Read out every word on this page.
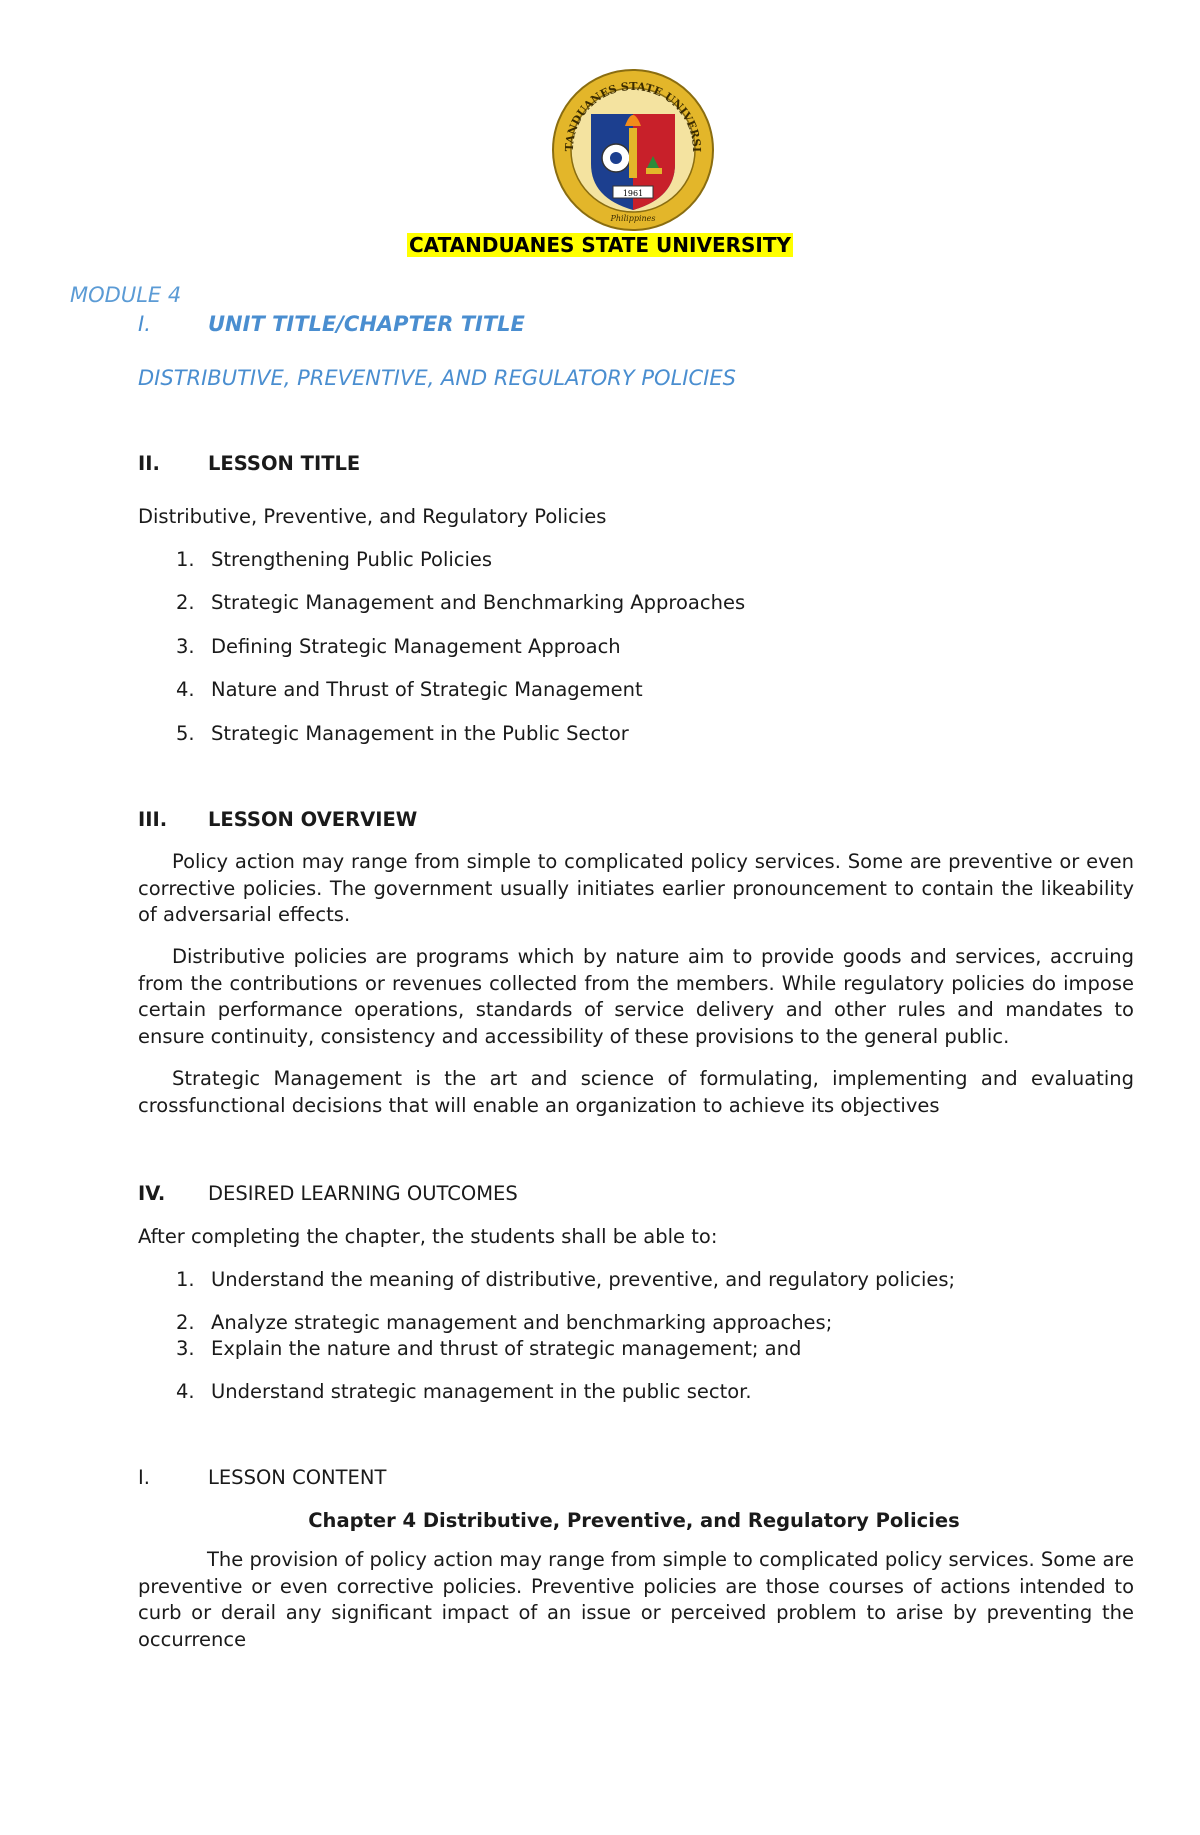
TANDUANES STATE UNIVERSI
1961
Philippines
CATANDUANES STATE UNIVERSITY
MODULE 4
I.	UNIT TITLE/CHAPTER TITLE
DISTRIBUTIVE, PREVENTIVE, AND REGULATORY POLICIES
II. LESSON TITLE
Distributive, Preventive, and Regulatory Policies
1. Strengthening Public Policies
2. Strategic Management and Benchmarking Approaches
3. Defining Strategic Management Approach
4. Nature and Thrust of Strategic Management
5. Strategic Management in the Public Sector
III. LESSON OVERVIEW
Policy action may range from simple to complicated policy services. Some are preventive or even corrective policies. The government usually initiates earlier pronouncement to contain the likeability of adversarial effects.
Distributive policies are programs which by nature aim to provide goods and services, accruing from the contributions or revenues collected from the members. While regulatory policies do impose certain performance operations, standards of service delivery and other rules and mandates to ensure continuity, consistency and accessibility of these provisions to the general public.
Strategic Management is the art and science of formulating, implementing and evaluating crossfunctional decisions that will enable an organization to achieve its objectives
IV. DESIRED LEARNING OUTCOMES
After completing the chapter, the students shall be able to:
1. Understand the meaning of distributive, preventive, and regulatory policies;
2. Analyze strategic management and benchmarking approaches;
3. Explain the nature and thrust of strategic management; and
4. Understand strategic management in the public sector.
I.	LESSON CONTENT
Chapter 4 Distributive, Preventive, and Regulatory Policies
The provision of policy action may range from simple to complicated policy services. Some are preventive or even corrective policies. Preventive policies are those courses of actions intended to curb or derail any significant impact of an issue or perceived problem to arise by preventing the occurrence
